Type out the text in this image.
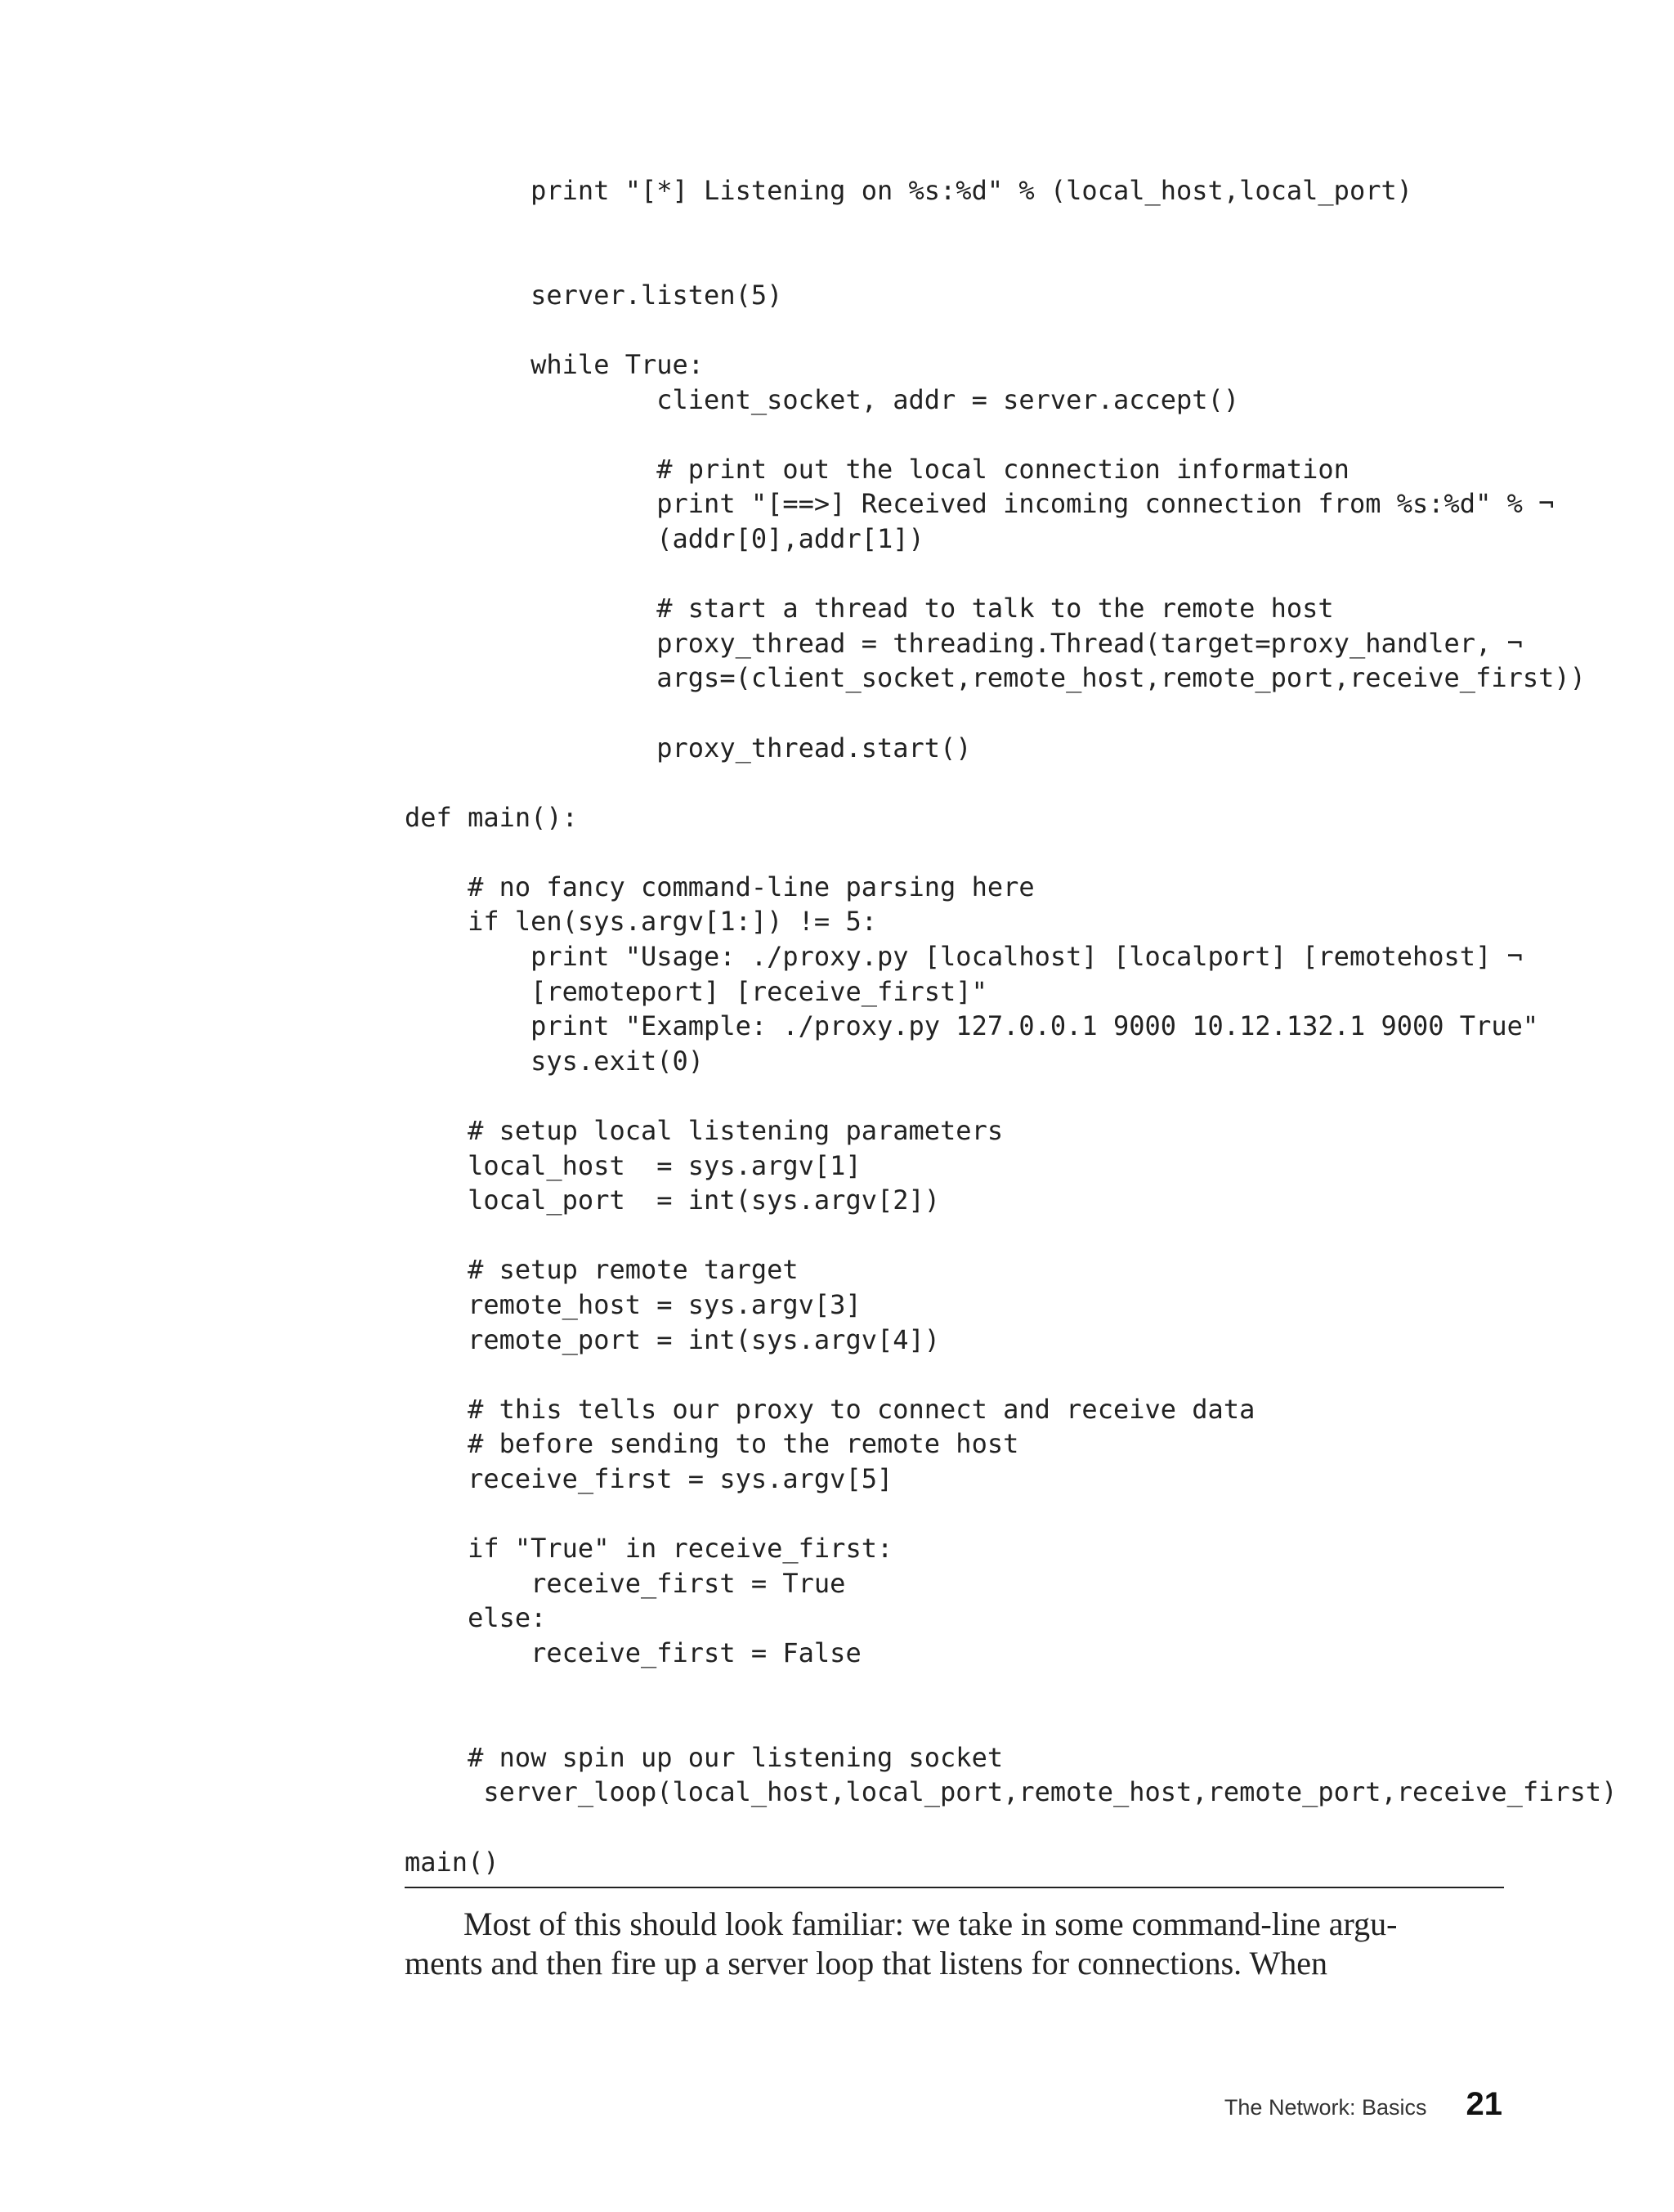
print "[*] Listening on %s:%d" % (local_host,local_port)
server.listen(5)
while True:
client_socket, addr = server.accept()
# print out the local connection information
print "[==>] Received incoming connection from %s:%d" % ¬
(addr[0],addr[1])
# start a thread to talk to the remote host
proxy_thread = threading.Thread(target=proxy_handler, ¬
args=(client_socket,remote_host,remote_port,receive_first))
proxy_thread.start()
def main():
# no fancy command-line parsing here
if len(sys.argv[1:]) != 5:
print "Usage: ./proxy.py [localhost] [localport] [remotehost] ¬
[remoteport] [receive_first]"
print "Example: ./proxy.py 127.0.0.1 9000 10.12.132.1 9000 True"
sys.exit(0)
# setup local listening parameters
local_host  = sys.argv[1]
local_port  = int(sys.argv[2])
# setup remote target
remote_host = sys.argv[3]
remote_port = int(sys.argv[4])
# this tells our proxy to connect and receive data
# before sending to the remote host
receive_first = sys.argv[5]
if "True" in receive_first:
receive_first = True
else:
receive_first = False
# now spin up our listening socket
server_loop(local_host,local_port,remote_host,remote_port,receive_first)
main()
Most of this should look familiar: we take in some command-line argu-
ments and then fire up a server loop that listens for connections. When
The Network: Basics 21
